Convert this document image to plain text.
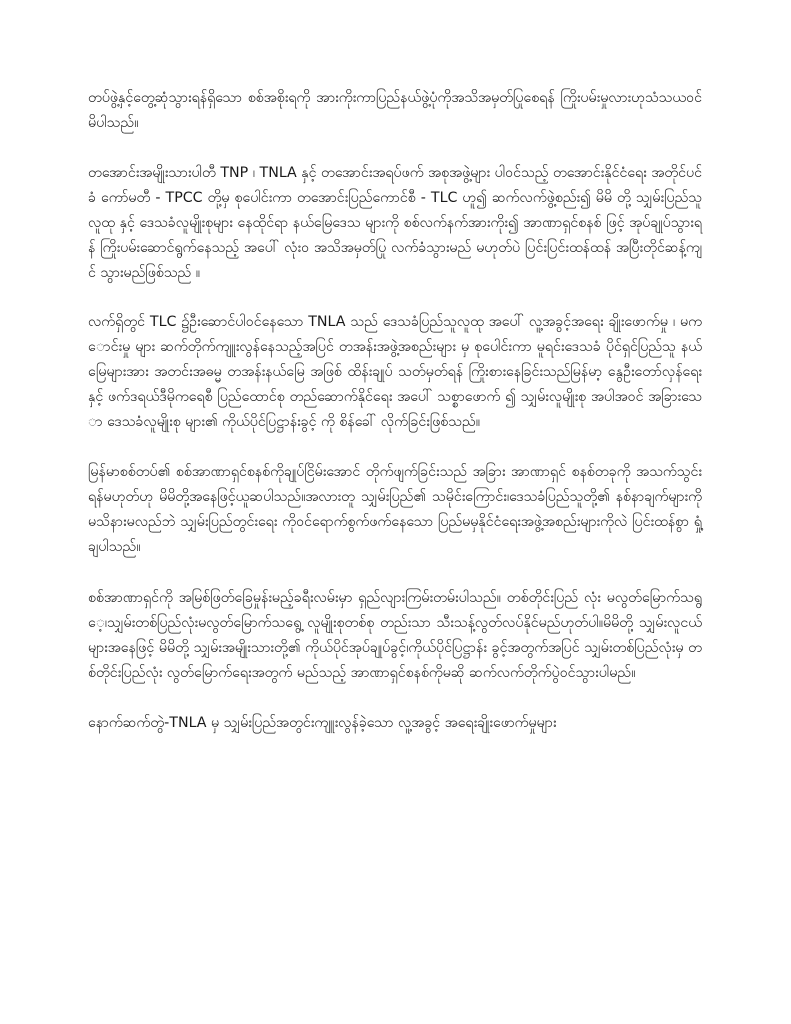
တပ်ဖွဲ့နှင့်တွေ့ဆုံသွားရန်ရှိသော စစ်အစိုးရကို အားကိုးကာပြည်နယ်ဖွဲ့ပုံကိုအသိအမှတ်ပြုစေရန် ကြိုးပမ်းမှုလားဟုသံသယဝင်မိပါသည်။

တအောင်းအမျိုးသားပါတီ TNP ၊ TNLA နှင့် တအောင်းအရပ်ဖက် အစုအဖွဲ့များ ပါဝင်သည့် တအောင်းနိုင်ငံရေး အတိုင်ပင်ခံ ကော်မတီ - TPCC တို့မှ စုပေါင်းကာ တအောင်းပြည်ကောင်စီ - TLC ဟူ၍ ဆက်လက်ဖွဲ့စည်း၍ မိမိ တို့ သျှမ်းပြည်သူလူထု နှင့် ဒေသခံလူမျိုးစုများ နေထိုင်ရာ နယ်မြေဒေသ များကို စစ်လက်နက်အားကိုး၍ အာဏာရှင်စနစ် ဖြင့် အုပ်ချုပ်သွားရန် ကြိုးပမ်းဆောင်ရွက်နေသည့် အပေါ် လုံးဝ အသိအမှတ်ပြု လက်ခံသွားမည် မဟုတ်ပဲ ပြင်းပြင်းထန်ထန် အပြီးတိုင်ဆန့်ကျင် သွားမည်ဖြစ်သည် ။

လက်ရှိတွင် TLC ၌ဦးဆောင်ပါဝင်နေသော TNLA သည် ဒေသခံပြည်သူလူထု အပေါ် လူ့အခွင့်အရေး ချိုးဖောက်မှု ၊ မကောင်းမှု များ ဆက်တိုက်ကျူးလွန်နေသည့်အပြင် တအန်းအဖွဲ့အစည်းများ မှ စုပေါင်းကာ မူရင်းဒေသခံ ပိုင်ရှင်ပြည်သူ နယ်မြေများအား အတင်းအဓမ္မ တအန်းနယ်မြေ အဖြစ် ထိန်းချုပ် သတ်မှတ်ရန် ကြိုးစားနေခြင်းသည်မြန်မာ့ နွေဦးတော်လှန်ရေး နှင့် ဖက်ဒရယ်ဒီမိုကရေစီ ပြည်ထောင်စု တည်ဆောက်နိုင်ရေး အပေါ် သစ္စာဖောက် ၍ သျှမ်းလူမျိုးစု အပါအဝင် အခြားသော ဒေသခံလူမျိုးစု များ၏ ကိုယ်ပိုင်ပြဋ္ဌာန်းခွင့် ကို စိန်ခေါ် လိုက်ခြင်းဖြစ်သည်။

မြန်မာစစ်တပ်၏ စစ်အာဏာရှင်စနစ်ကိုချုပ်ငြိမ်းအောင် တိုက်ဖျက်ခြင်းသည် အခြား အာဏာရှင် စနစ်တခုကို အသက်သွင်းရန်မဟုတ်ဟု မိမိတို့အနေဖြင့်ယူဆပါသည်။အလားတူ သျှမ်းပြည်၏ သမိုင်းကြောင်း၊ဒေသခံပြည်သူတို့၏ နစ်နာချက်များကို မသိနားမလည်ဘဲ သျှမ်းပြည်တွင်းရေး ကိုဝင်ရောက်စွက်ဖက်နေသော ပြည်မမှနိုင်ငံရေးအဖွဲ့အစည်းများကိုလဲ ပြင်းထန်စွာ ရှုံ့ချပါသည်။

စစ်အာဏာရှင်ကို အမြစ်ဖြတ်ခြေမှုန်းမည့်ခရီးလမ်းမှာ ရှည်လျားကြမ်းတမ်းပါသည်။ တစ်တိုင်းပြည် လုံး မလွတ်မြောက်သရွေ့၊သျှမ်းတစ်ပြည်လုံးမလွတ်မြောက်သရွေ့ လူမျိုးစုတစ်စု တည်းသာ သီးသန့်လွတ်လပ်နိုင်မည်ဟုတ်ပါ။မိမိတို့ သျှမ်းလူငယ်များအနေဖြင့် မိမိတို့ သျှမ်းအမျိုးသားတို့၏ ကိုယ်ပိုင်အုပ်ချုပ်ခွင့်၊ကိုယ်ပိုင်ပြဋ္ဌာန်း ခွင့်အတွက်အပြင် သျှမ်းတစ်ပြည်လုံးမှ တစ်တိုင်းပြည်လုံး လွတ်မြောက်ရေးအတွက် မည်သည့် အာဏာရှင်စနစ်ကိုမဆို ဆက်လက်တိုက်ပွဲဝင်သွားပါမည်။

နောက်ဆက်တွဲ-TNLA မှ သျှမ်းပြည်အတွင်းကျူးလွန်ခဲ့သော လူ့အခွင့် အရေးချိုးဖောက်မှုများ
